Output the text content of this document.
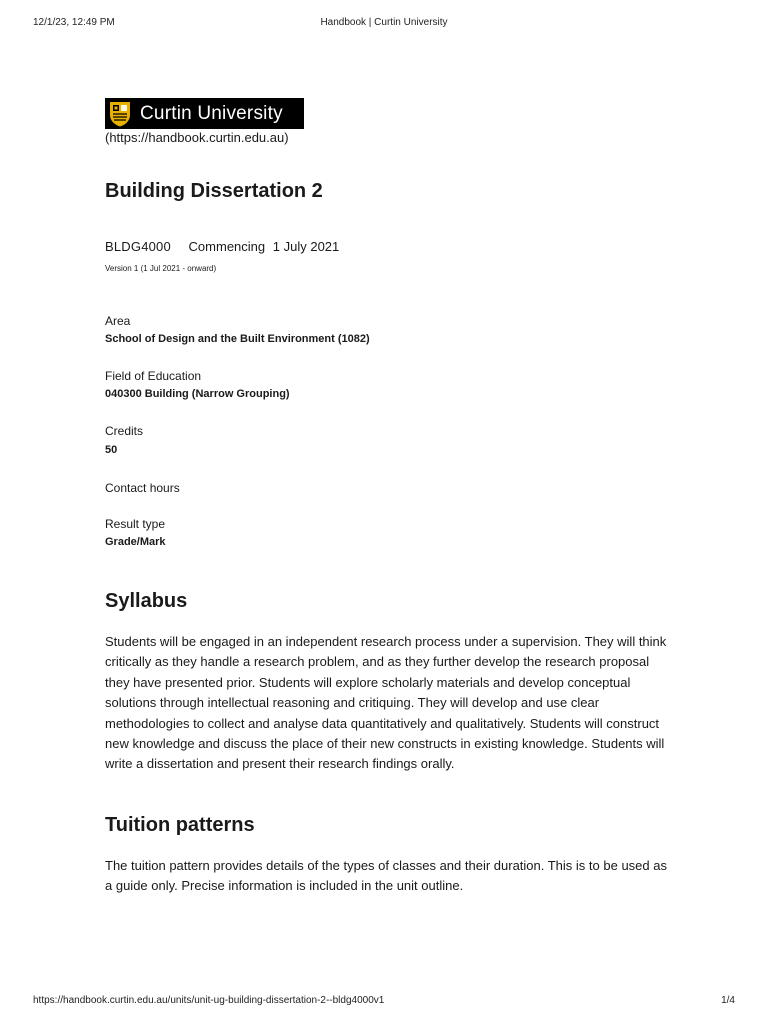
12/1/23, 12:49 PM	Handbook | Curtin University
Curtin University
(https://handbook.curtin.edu.au)
Building Dissertation 2
BLDG4000 Commencing 1 July 2021
Version 1 (1 Jul 2021 - onward)
Area
School of Design and the Built Environment (1082)
Field of Education
040300 Building (Narrow Grouping)
Credits
50
Contact hours
Result type
Grade/Mark
Syllabus

Students will be engaged in an independent research process under a supervision. They will think critically as they handle a research problem, and as they further develop the research proposal they have presented prior. Students will explore scholarly materials and develop conceptual solutions through intellectual reasoning and critiquing. They will develop and use clear methodologies to collect and analyse data quantitatively and qualitatively. Students will construct new knowledge and discuss the place of their new constructs in existing knowledge. Students will write a dissertation and present their research findings orally.

Tuition patterns

The tuition pattern provides details of the types of classes and their duration. This is to be used as a guide only. Precise information is included in the unit outline.

https://handbook.curtin.edu.au/units/unit-ug-building-dissertation-2--bldg4000v1	1/4
